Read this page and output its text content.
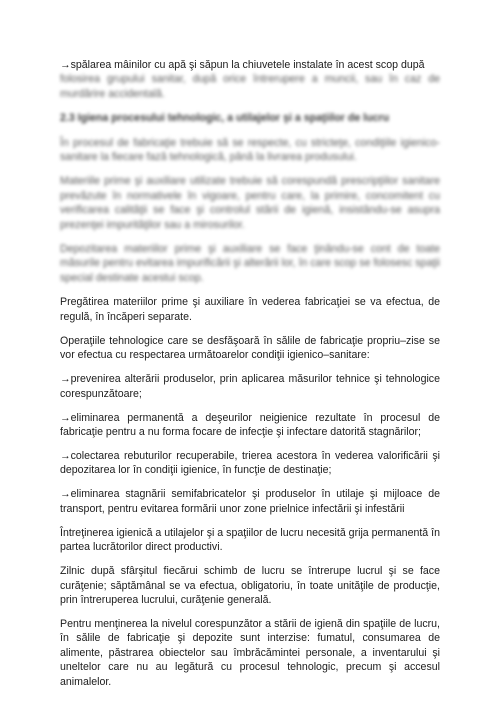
→spălarea mâinilor cu apă şi săpun la chiuvetele instalate în acest scop după

folosirea grupului sanitar, după orice întrerupere a muncii, sau în caz de murdărire accidentală.

2.3 Igiena procesului tehnologic, a utilajelor şi a spaţiilor de lucru

În procesul de fabricaţie trebuie să se respecte, cu stricteţe, condiţiile igienico-sanitare la fiecare fază tehnologică, până la livrarea produsului.

Materiile prime şi auxiliare utilizate trebuie să corespundă prescripţiilor sanitare prevăzute în normativele în vigoare, pentru care, la primire, concomitent cu verificarea calităţii se face şi controlul stării de igienă, insistându-se asupra prezenţei impurităţilor sau a mirosurilor.

Depozitarea materiilor prime şi auxiliare se face ţinându-se cont de toate măsurile pentru evitarea impurificării şi alterării lor, în care scop se folosesc spaţii special destinate acestui scop.

Pregătirea materiilor prime şi auxiliare în vederea fabricaţiei se va efectua, de regulă, în încăperi separate.

Operaţiile tehnologice care se desfăşoară în sălile de fabricaţie propriu–zise se vor efectua cu respectarea următoarelor condiţii igienico–sanitare:

→prevenirea alterării produselor, prin aplicarea măsurilor tehnice şi tehnologice corespunzătoare;

→eliminarea permanentă a deşeurilor neigienice rezultate în procesul de fabricaţie pentru a nu forma focare de infecţie şi infectare datorită stagnărilor;

→colectarea rebuturilor recuperabile, trierea acestora în vederea valorificării şi depozitarea lor în condiţii igienice, în funcţie de destinaţie;

→eliminarea stagnării semifabricatelor şi produselor în utilaje şi mijloace de transport, pentru evitarea formării unor zone prielnice infectării şi infestării

Întreţinerea igienică a utilajelor şi a spaţiilor de lucru necesită grija permanentă în partea lucrătorilor direct productivi.

Zilnic după sfârşitul fiecărui schimb de lucru se întrerupe lucrul şi se face curăţenie; săptămânal se va efectua, obligatoriu, în toate unităţile de producţie, prin întreruperea lucrului, curăţenie generală.

Pentru menţinerea la nivelul corespunzător a stării de igienă din spaţiile de lucru, în sălile de fabricaţie şi depozite sunt interzise: fumatul, consumarea de alimente, păstrarea obiectelor sau îmbrăcămintei personale, a inventarului şi uneltelor care nu au legătură cu procesul tehnologic, precum şi accesul animalelor.
